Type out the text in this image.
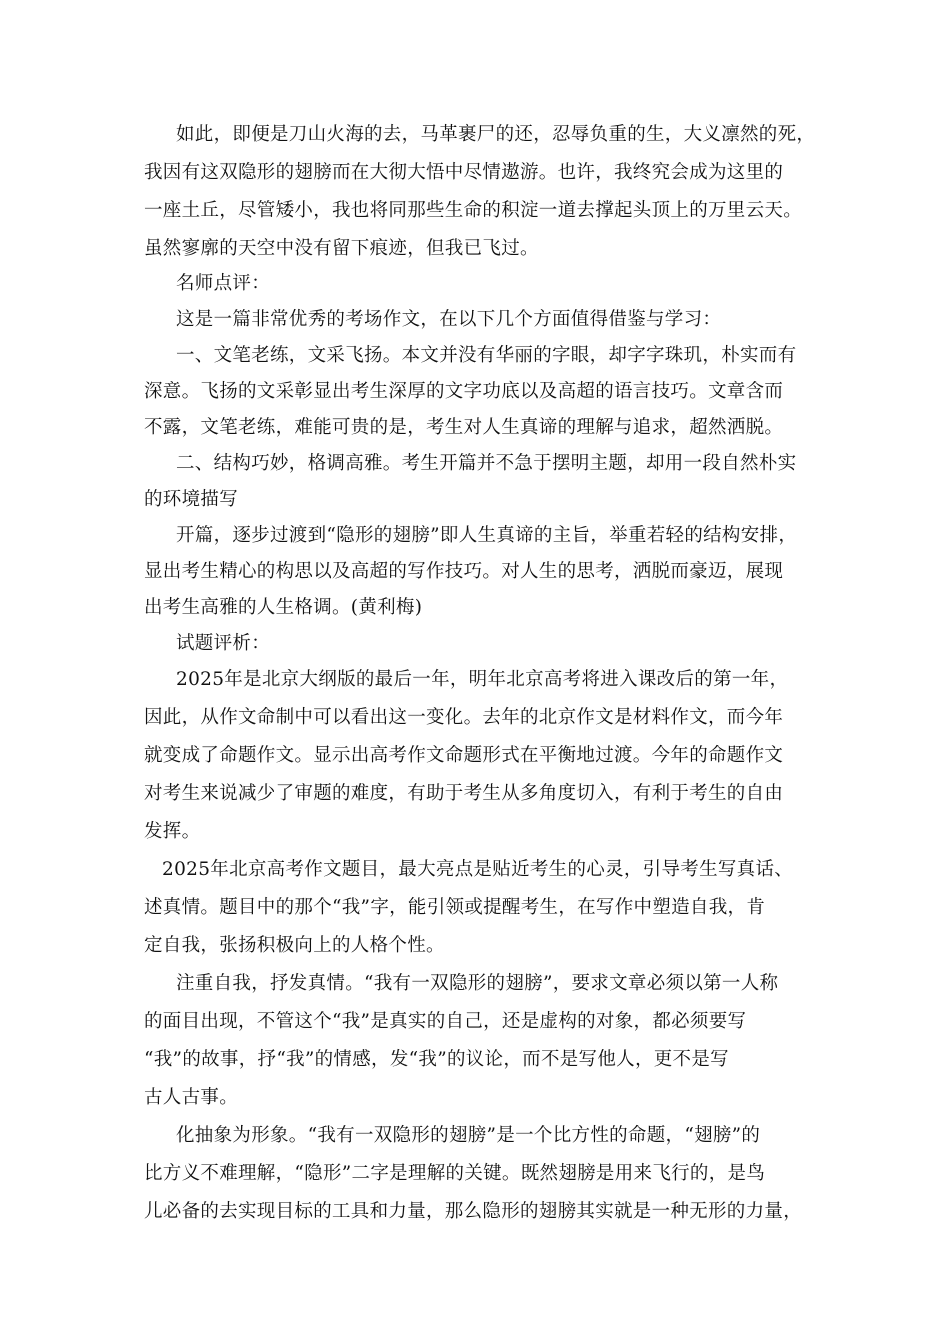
如此，即便是刀山火海的去，马革裹尸的还，忍辱负重的生，大义凛然的死，
我因有这双隐形的翅膀而在大彻大悟中尽情遨游。也许，我终究会成为这里的
一座土丘，尽管矮小，我也将同那些生命的积淀一道去撑起头顶上的万里云天。
虽然寥廓的天空中没有留下痕迹，但我已飞过。
名师点评：
这是一篇非常优秀的考场作文，在以下几个方面值得借鉴与学习：
一、文笔老练，文采飞扬。本文并没有华丽的字眼，却字字珠玑，朴实而有
深意。飞扬的文采彰显出考生深厚的文字功底以及高超的语言技巧。文章含而
不露，文笔老练，难能可贵的是，考生对人生真谛的理解与追求，超然洒脱。
二、结构巧妙，格调高雅。考生开篇并不急于摆明主题，却用一段自然朴实
的环境描写
开篇，逐步过渡到“隐形的翅膀”即人生真谛的主旨，举重若轻的结构安排，
显出考生精心的构思以及高超的写作技巧。对人生的思考，洒脱而豪迈，展现
出考生高雅的人生格调。(黄利梅)
试题评析：
2025年是北京大纲版的最后一年，明年北京高考将进入课改后的第一年，
因此，从作文命制中可以看出这一变化。去年的北京作文是材料作文，而今年
就变成了命题作文。显示出高考作文命题形式在平衡地过渡。今年的命题作文
对考生来说减少了审题的难度，有助于考生从多角度切入，有利于考生的自由
发挥。
2025年北京高考作文题目，最大亮点是贴近考生的心灵，引导考生写真话、
述真情。题目中的那个“我”字，能引领或提醒考生，在写作中塑造自我，肯
定自我，张扬积极向上的人格个性。
注重自我，抒发真情。“我有一双隐形的翅膀”，要求文章必须以第一人称
的面目出现，不管这个“我”是真实的自己，还是虚构的对象，都必须要写
“我”的故事，抒“我”的情感，发“我”的议论，而不是写他人，更不是写
古人古事。
化抽象为形象。“我有一双隐形的翅膀”是一个比方性的命题，“翅膀”的
比方义不难理解，“隐形”二字是理解的关键。既然翅膀是用来飞行的，是鸟
儿必备的去实现目标的工具和力量，那么隐形的翅膀其实就是一种无形的力量，
